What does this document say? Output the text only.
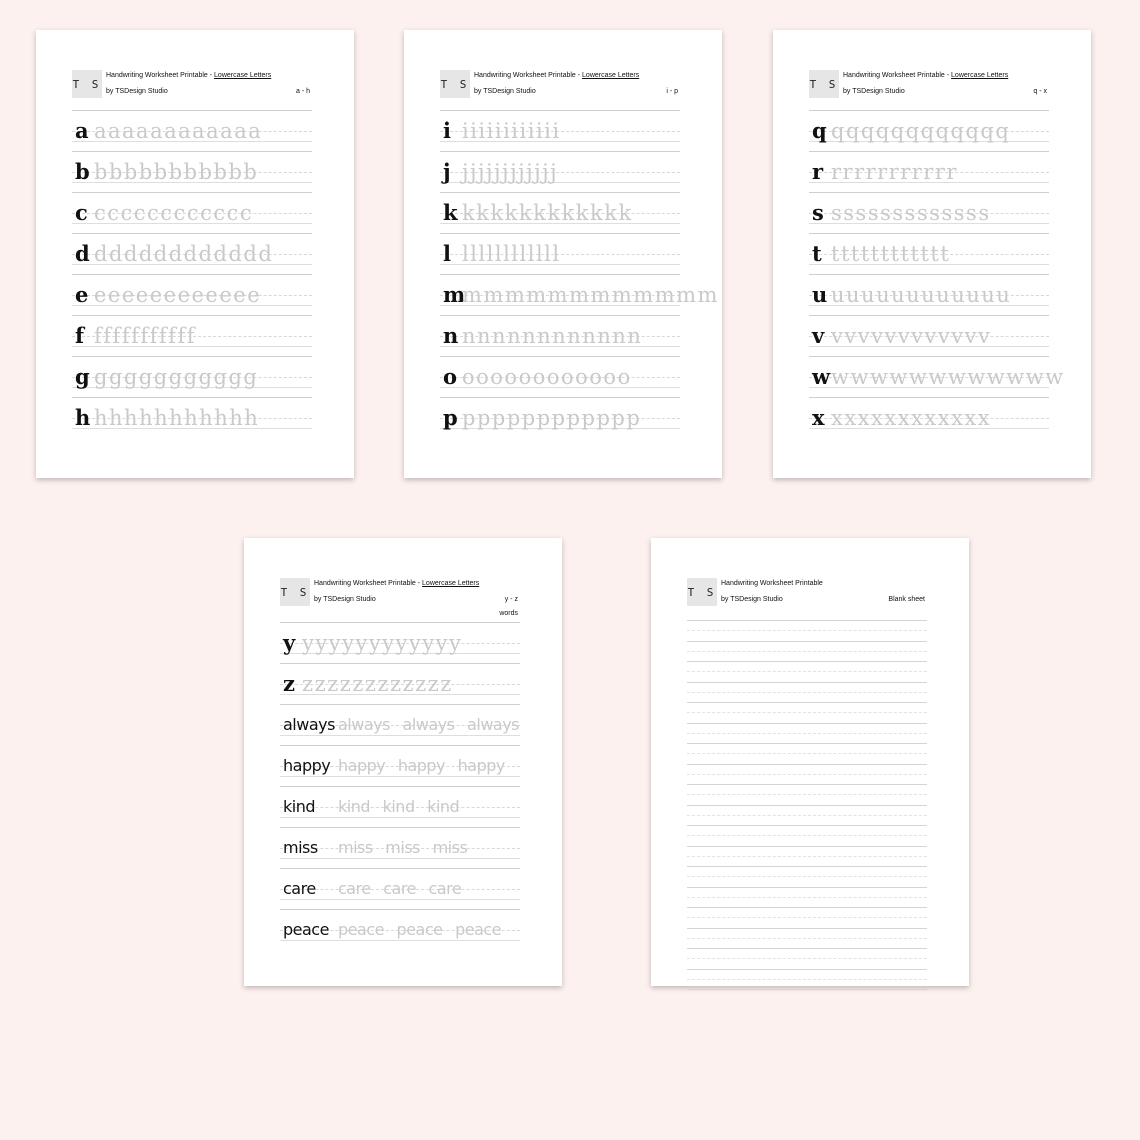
T S
Handwriting Worksheet Printable - Lowercase Letters
by TSDesign Studio	a - h
a aaaaaaaaaaaa
b bbbbbbbbbbb
c cccccccccccc
d dddddddddddd
e eeeeeeeeeeee
f fffffffffff
g ggggggggggg
h hhhhhhhhhhh
T S
Handwriting Worksheet Printable - Lowercase Letters
by TSDesign Studio	i - p
i iiiiiiiiiiii
j jjjjjjjjjjjj
k kkkkkkkkkkkk
l llllllllllll
m
mmmmmmmmmmmm
n nnnnnnnnnnnn
o oooooooooooo
p pppppppppppp
T S
Handwriting Worksheet Printable - Lowercase Letters
by TSDesign Studio	q - x
q qqqqqqqqqqqq
r rrrrrrrrrrr
s sssssssssssss
t tttttttttttt
u uuuuuuuuuuuu
v vvvvvvvvvvvv
w wwwwwwwwwwww
x xxxxxxxxxxxx
T S
Handwriting Worksheet Printable - Lowercase Letters
by TSDesign Studio	y - z
words
y yyyyyyyyyyyy
z zzzzzzzzzzzz
always always always always
happy happy happy happy
kind kind kind kind
miss miss miss miss
care care care care
peace peace peace peace
T S
Handwriting Worksheet Printable
by TSDesign Studio	Blank sheet
